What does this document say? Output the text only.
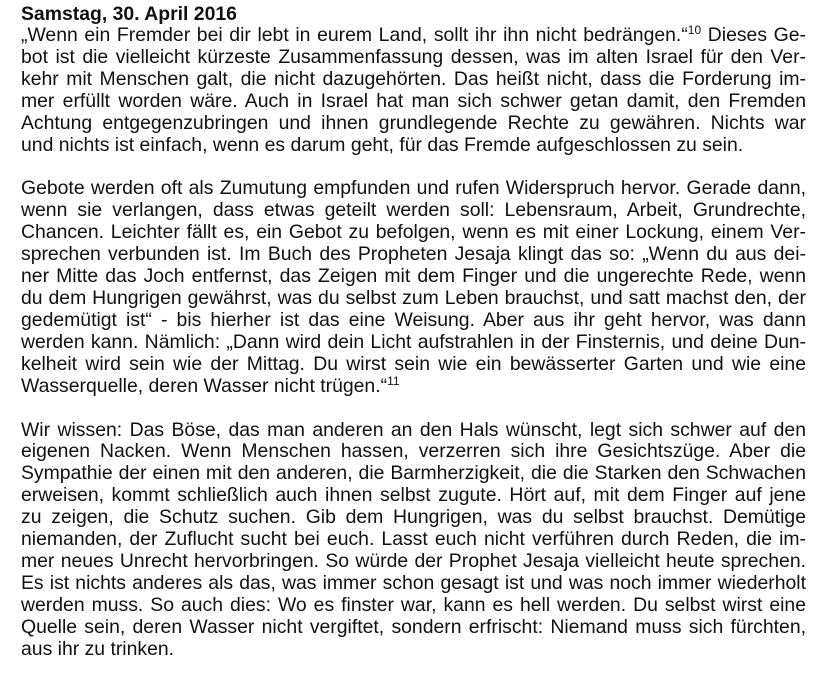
Samstag, 30. April 2016
„Wenn ein Fremder bei dir lebt in eurem Land, sollt ihr ihn nicht bedrängen.“$^{10}$ Dieses Ge-
bot ist die vielleicht kürzeste Zusammenfassung dessen, was im alten Israel für den Ver-
kehr mit Menschen galt, die nicht dazugehörten. Das heißt nicht, dass die Forderung im-
mer erfüllt worden wäre. Auch in Israel hat man sich schwer getan damit, den Fremden
Achtung entgegenzubringen und ihnen grundlegende Rechte zu gewähren. Nichts war
und nichts ist einfach, wenn es darum geht, für das Fremde aufgeschlossen zu sein.
Gebote werden oft als Zumutung empfunden und rufen Widerspruch hervor. Gerade dann,
wenn sie verlangen, dass etwas geteilt werden soll: Lebensraum, Arbeit, Grundrechte,
Chancen. Leichter fällt es, ein Gebot zu befolgen, wenn es mit einer Lockung, einem Ver-
sprechen verbunden ist. Im Buch des Propheten Jesaja klingt das so: „Wenn du aus dei-
ner Mitte das Joch entfernst, das Zeigen mit dem Finger und die ungerechte Rede, wenn
du dem Hungrigen gewährst, was du selbst zum Leben brauchst, und satt machst den, der
gedemütigt ist“ - bis hierher ist das eine Weisung. Aber aus ihr geht hervor, was dann
werden kann. Nämlich: „Dann wird dein Licht aufstrahlen in der Finsternis, und deine Dun-
kelheit wird sein wie der Mittag. Du wirst sein wie ein bewässerter Garten und wie eine
Wasserquelle, deren Wasser nicht trügen.“$^{11}$
Wir wissen: Das Böse, das man anderen an den Hals wünscht, legt sich schwer auf den
eigenen Nacken. Wenn Menschen hassen, verzerren sich ihre Gesichtszüge. Aber die
Sympathie der einen mit den anderen, die Barmherzigkeit, die die Starken den Schwachen
erweisen, kommt schließlich auch ihnen selbst zugute. Hört auf, mit dem Finger auf jene
zu zeigen, die Schutz suchen. Gib dem Hungrigen, was du selbst brauchst. Demütige
niemanden, der Zuflucht sucht bei euch. Lasst euch nicht verführen durch Reden, die im-
mer neues Unrecht hervorbringen. So würde der Prophet Jesaja vielleicht heute sprechen.
Es ist nichts anderes als das, was immer schon gesagt ist und was noch immer wiederholt
werden muss. So auch dies: Wo es finster war, kann es hell werden. Du selbst wirst eine
Quelle sein, deren Wasser nicht vergiftet, sondern erfrischt: Niemand muss sich fürchten,
aus ihr zu trinken.
